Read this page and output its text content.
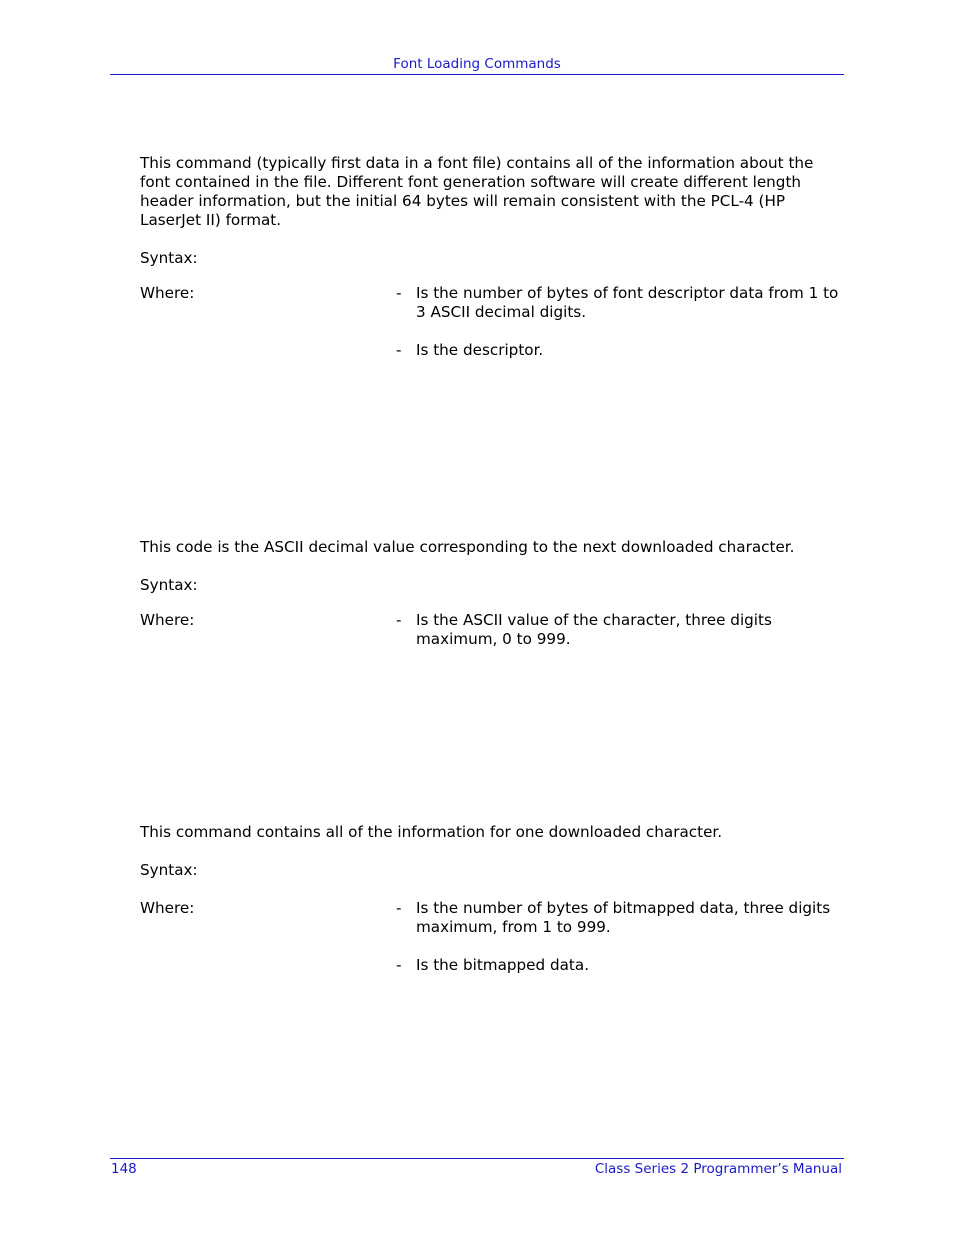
Font Loading Commands

This command (typically first data in a font file) contains all of the information about the font contained in the file. Different font generation software will create different length header information, but the initial 64 bytes will remain consistent with the PCL-4 (HP LaserJet II) format.

Syntax:

Where:	- Is the number of bytes of font descriptor data from 1 to 3 ASCII decimal digits.
- Is the descriptor.

This code is the ASCII decimal value corresponding to the next downloaded character.

Syntax:

Where:	- Is the ASCII value of the character, three digits maximum, 0 to 999.

This command contains all of the information for one downloaded character.

Syntax:

Where:	- Is the number of bytes of bitmapped data, three digits maximum, from 1 to 999.
- Is the bitmapped data.
148	Class Series 2 Programmer’s Manual
